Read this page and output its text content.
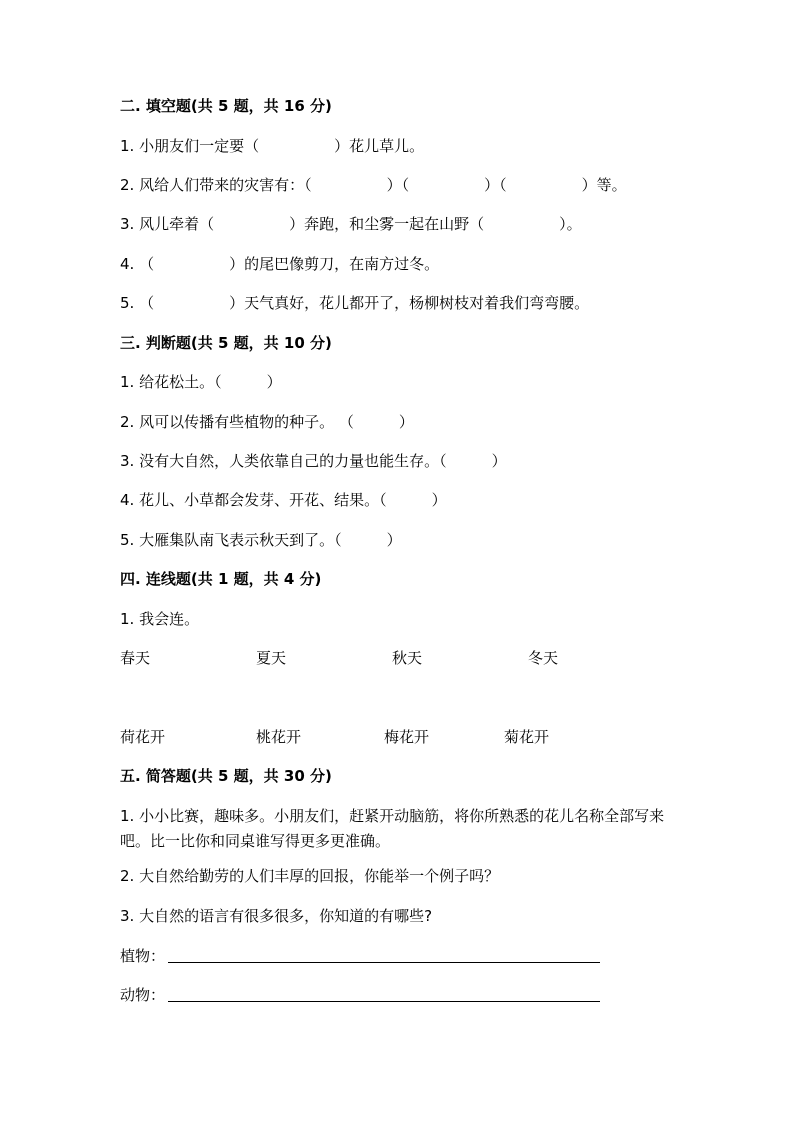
二. 填空题(共 5 题，共 16 分)
1. 小朋友们一定要（　　　　　）花儿草儿。
2. 风给人们带来的灾害有：（　　　　　）（　　　　　）（　　　　　）等。
3. 风儿牵着（　　　　　）奔跑，和尘雾一起在山野（　　　　　）。
4. （　　　　　）的尾巴像剪刀，在南方过冬。
5. （　　　　　）天气真好，花儿都开了，杨柳树枝对着我们弯弯腰。
三. 判断题(共 5 题，共 10 分)
1. 给花松土。（　　　）
2. 风可以传播有些植物的种子。 （　　　）
3. 没有大自然，人类依靠自己的力量也能生存。（　　　）
4. 花儿、小草都会发芽、开花、结果。（　　　）
5. 大雁集队南飞表示秋天到了。（　　　）
四. 连线题(共 1 题，共 4 分)
1. 我会连。
春天	夏天	秋天	冬天
荷花开	桃花开	梅花开	菊花开
五. 简答题(共 5 题，共 30 分)
1. 小小比赛，趣味多。小朋友们，赶紧开动脑筋，将你所熟悉的花儿名称全部写来吧。比一比你和同桌谁写得更多更准确。
2. 大自然给勤劳的人们丰厚的回报，你能举一个例子吗？
3. 大自然的语言有很多很多，你知道的有哪些?
植物：
动物：
